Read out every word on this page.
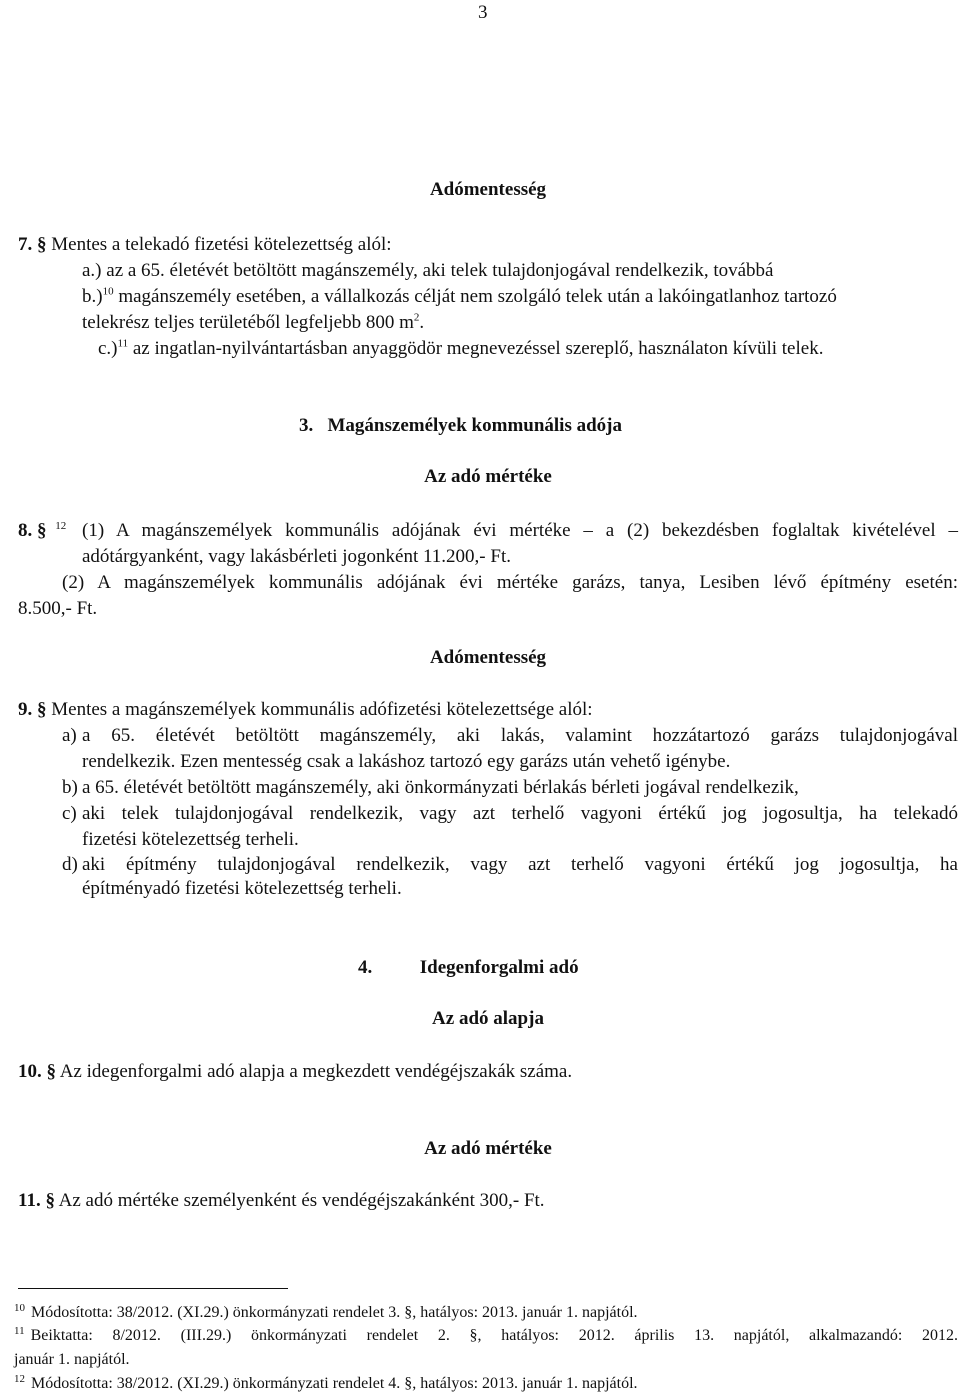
3
Adómentesség
7. § Mentes a telekadó fizetési kötelezettség alól:
a.) az a 65. életévét betöltött magánszemély, aki telek tulajdonjogával rendelkezik, továbbá
b.)$^{10}$ magánszemély esetében, a vállalkozás célját nem szolgáló telek után a lakóingatlanhoz tartozó
telekrész teljes területéből legfeljebb 800 $m^2$.
c.)$^{11}$ az ingatlan-nyilvántartásban anyaggödör megnevezéssel szereplő, használaton kívüli telek.
3. Magánszemélyek kommunális adója
Az adó mértéke
8. § $^{12}$ (1) A magánszemélyek kommunális adójának évi mértéke – a (2) bekezdésben foglaltak kivételével –
adótárgyanként, vagy lakásbérleti jogonként 11.200,- Ft.
(2) A magánszemélyek kommunális adójának évi mértéke garázs, tanya, Lesiben lévő építmény esetén:
8.500,- Ft.
Adómentesség
9. § Mentes a magánszemélyek kommunális adófizetési kötelezettsége alól:
a) a 65. életévét betöltött magánszemély, aki lakás, valamint hozzátartozó garázs tulajdonjogával
rendelkezik. Ezen mentesség csak a lakáshoz tartozó egy garázs után vehető igénybe.
b) a 65. életévét betöltött magánszemély, aki önkormányzati bérlakás bérleti jogával rendelkezik,
c) aki telek tulajdonjogával rendelkezik, vagy azt terhelő vagyoni értékű jog jogosultja, ha telekadó
fizetési kötelezettség terheli.
d) aki építmény tulajdonjogával rendelkezik, vagy azt terhelő vagyoni értékű jog jogosultja, ha
építményadó fizetési kötelezettség terheli.
4.	Idegenforgalmi adó
Az adó alapja
10. § Az idegenforgalmi adó alapja a megkezdett vendégéjszakák száma.
Az adó mértéke
11. § Az adó mértéke személyenként és vendégéjszakánként 300,- Ft.
$^{10}$ Módosította: 38/2012. (XI.29.) önkormányzati rendelet 3. §, hatályos: 2013. január 1. napjától.
$^{11}$ Beiktatta: 8/2012. (III.29.) önkormányzati rendelet 2. §, hatályos: 2012. április 13. napjától, alkalmazandó: 2012.
január 1. napjától.
$^{12}$ Módosította: 38/2012. (XI.29.) önkormányzati rendelet 4. §, hatályos: 2013. január 1. napjától.
